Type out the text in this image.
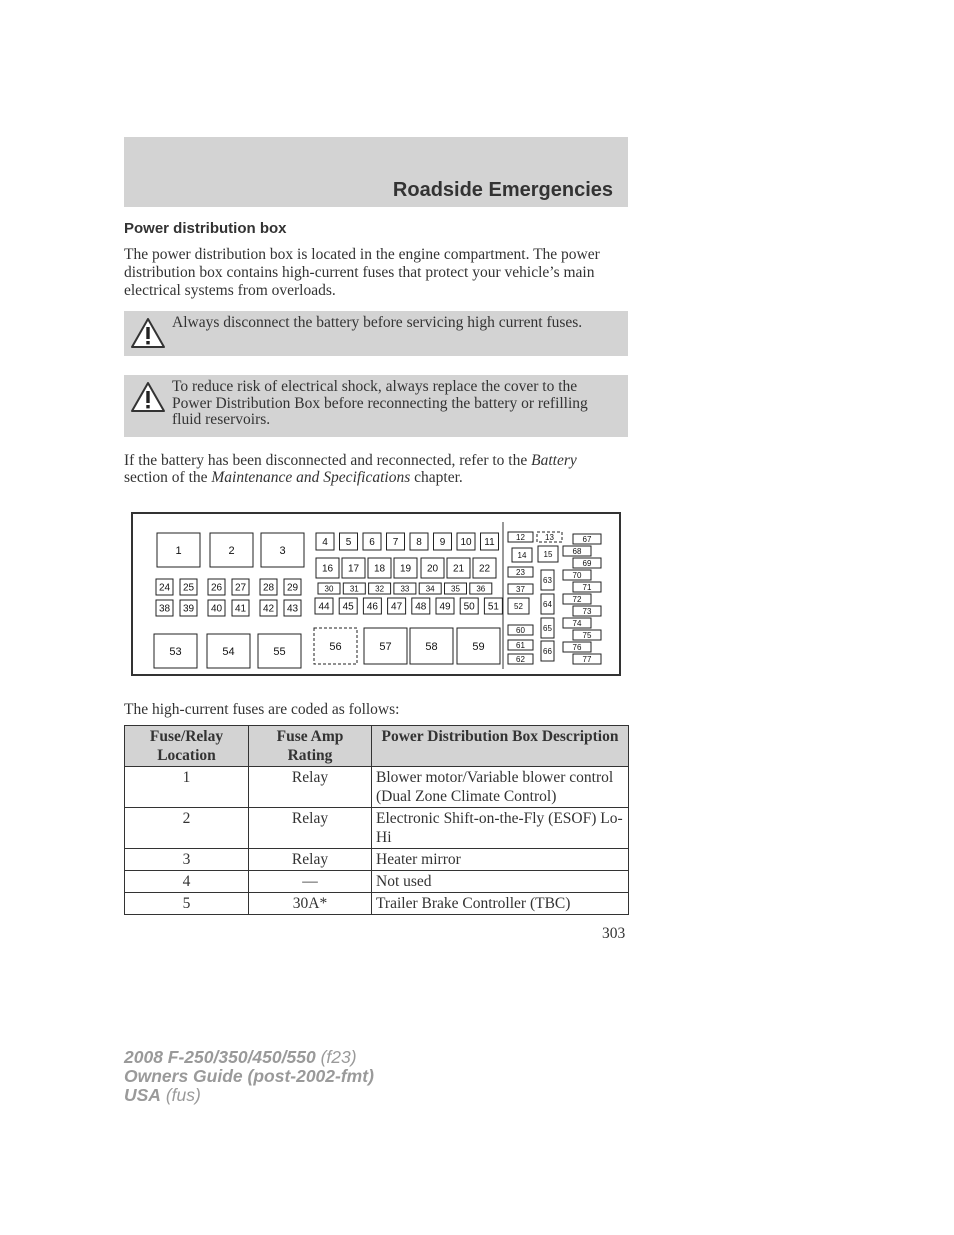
Roadside Emergencies
Power distribution box
The power distribution box is located in the engine compartment. The power distribution box contains high-current fuses that protect your vehicle’s main electrical systems from overloads.
Always disconnect the battery before servicing high current fuses.
To reduce risk of electrical shock, always replace the cover to the Power Distribution Box before reconnecting the battery or refilling fluid reservoirs.
If the battery has been disconnected and reconnected, refer to the Battery section of the Maintenance and Specifications chapter.
1	2	3
4 5 6 7 8 9 10 11
16 17 18 19 20 21 22
30 31 32 33 34 35 36
24 25 26 27 28 29
38 39 40 41 42 43 44 45 46 47 48 49 50 51
53	54	55	56	57	58	59
12	13
14 15
23
37
52
60
61
62
63
64
65
66
67
68
69
70
71
72
73
74
75
76
77
The high-current fuses are coded as follows:
Fuse/Relay Location	Fuse Amp Rating	Power Distribution Box Description
1	Relay	Blower motor/Variable blower control (Dual Zone Climate Control)
2	Relay	Electronic Shift-on-the-Fly (ESOF) Lo-Hi
3	Relay	Heater mirror
4	—	Not used
5	30A*	Trailer Brake Controller (TBC)
303
2008 F-250/350/450/550 (f23)
Owners Guide (post-2002-fmt)
USA (fus)
